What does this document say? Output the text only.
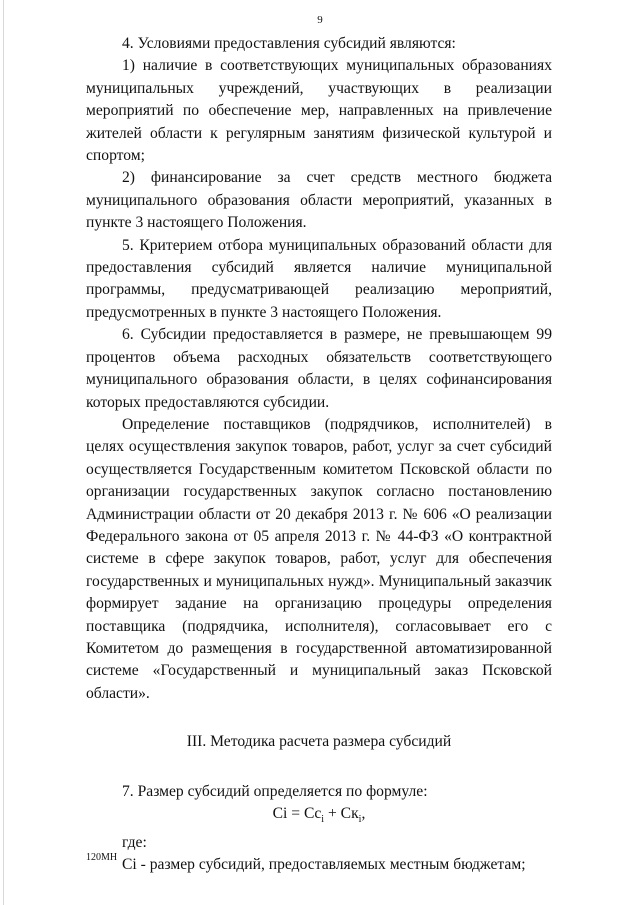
9

4. Условиями предоставления субсидий являются:

1) наличие в соответствующих муниципальных образованиях муниципальных учреждений, участвующих в реализации мероприятий по обеспечение мер, направленных на привлечение жителей области к регулярным занятиям физической культурой и спортом;

2) финансирование за счет средств местного бюджета муниципального образования области мероприятий, указанных в пункте 3 настоящего Положения.

5. Критерием отбора муниципальных образований области для предоставления субсидий является наличие муниципальной программы, предусматривающей реализацию мероприятий, предусмотренных в пункте 3 настоящего Положения.

6. Субсидии предоставляется в размере, не превышающем 99 процентов объема расходных обязательств соответствующего муниципального образования области, в целях софинансирования которых предоставляются субсидии.

Определение поставщиков (подрядчиков, исполнителей) в целях осуществления закупок товаров, работ, услуг за счет субсидий осуществляется Государственным комитетом Псковской области по организации государственных закупок согласно постановлению Администрации области от 20 декабря 2013 г. № 606 «О реализации Федерального закона от 05 апреля 2013 г. № 44-ФЗ «О контрактной системе в сфере закупок товаров, работ, услуг для обеспечения государственных и муниципальных нужд». Муниципальный заказчик формирует задание на организацию процедуры определения поставщика (подрядчика, исполнителя), согласовывает его с Комитетом до размещения в государственной автоматизированной системе «Государственный и муниципальный заказ Псковской области».

III. Методика расчета размера субсидий

7. Размер субсидий определяется по формуле:

$Ci = Cc_i + Cк_i$,

где:

Ci - размер субсидий, предоставляемых местным бюджетам;

120МН
